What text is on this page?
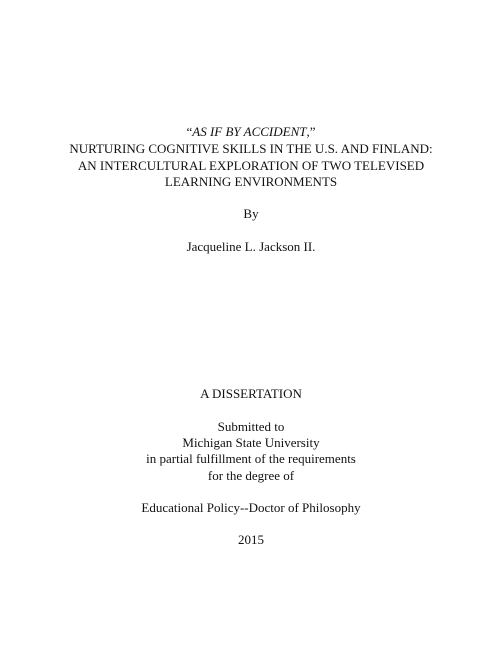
“AS IF BY ACCIDENT,”
NURTURING COGNITIVE SKILLS IN THE U.S. AND FINLAND:
AN INTERCULTURAL EXPLORATION OF TWO TELEVISED
LEARNING ENVIRONMENTS
By
Jacqueline L. Jackson II.
A DISSERTATION
Submitted to
Michigan State University
in partial fulfillment of the requirements
for the degree of
Educational Policy--Doctor of Philosophy
2015
